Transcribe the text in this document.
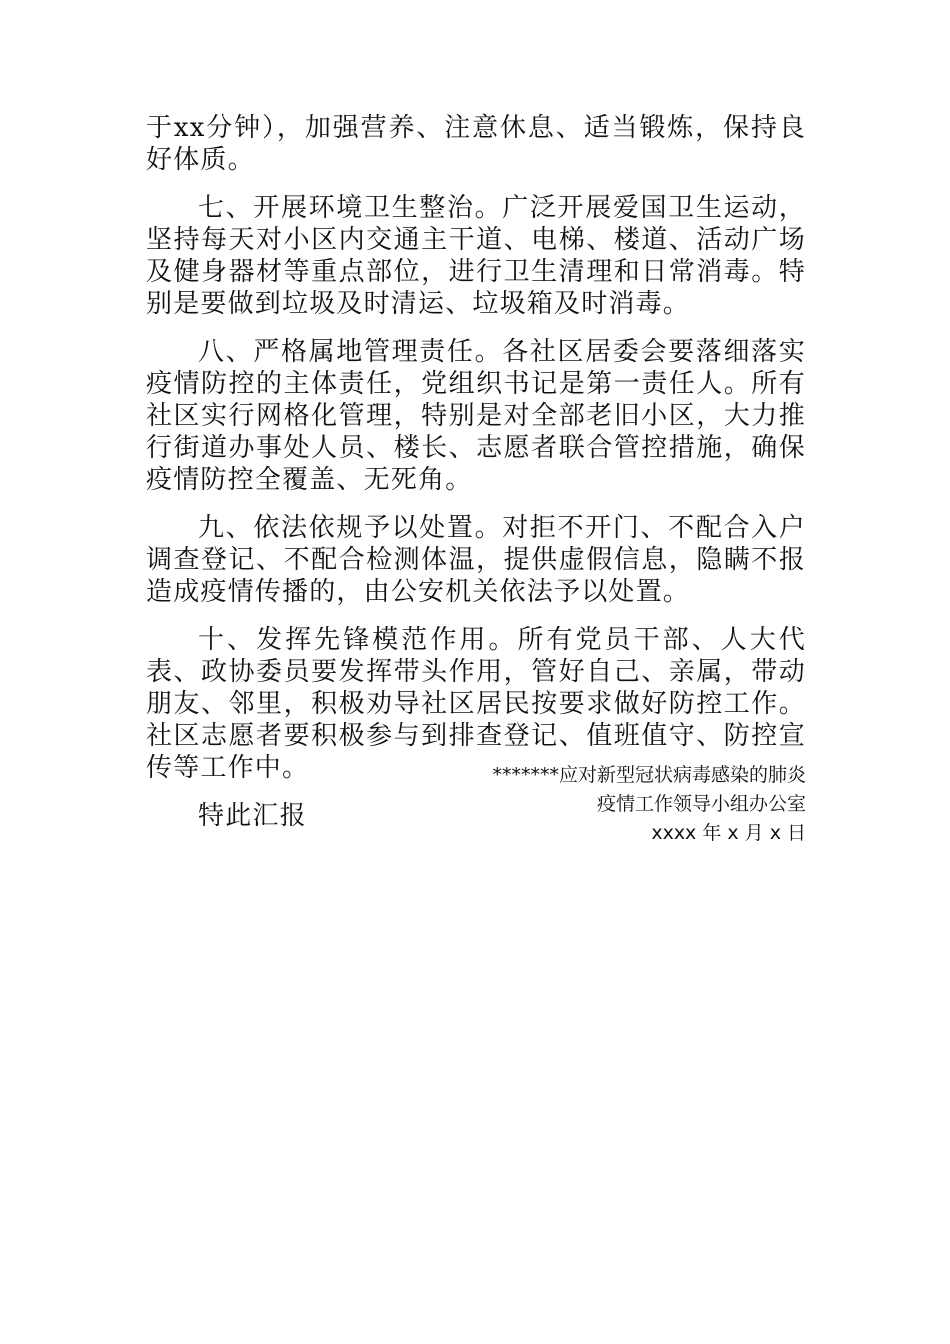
于xx分钟），加强营养、注意休息、适当锻炼，保持良好体质。

七、开展环境卫生整治。广泛开展爱国卫生运动，坚持每天对小区内交通主干道、电梯、楼道、活动广场及健身器材等重点部位，进行卫生清理和日常消毒。特别是要做到垃圾及时清运、垃圾箱及时消毒。

八、严格属地管理责任。各社区居委会要落细落实疫情防控的主体责任，党组织书记是第一责任人。所有社区实行网格化管理，特别是对全部老旧小区，大力推行街道办事处人员、楼长、志愿者联合管控措施，确保疫情防控全覆盖、无死角。

九、依法依规予以处置。对拒不开门、不配合入户调查登记、不配合检测体温，提供虚假信息，隐瞒不报造成疫情传播的，由公安机关依法予以处置。

十、发挥先锋模范作用。所有党员干部、人大代表、政协委员要发挥带头作用，管好自己、亲属，带动朋友、邻里，积极劝导社区居民按要求做好防控工作。社区志愿者要积极参与到排查登记、值班值守、防控宣传等工作中。

特此汇报

*******应对新型冠状病毒感染的肺炎
疫情工作领导小组办公室
xxxx 年 x 月 x 日
